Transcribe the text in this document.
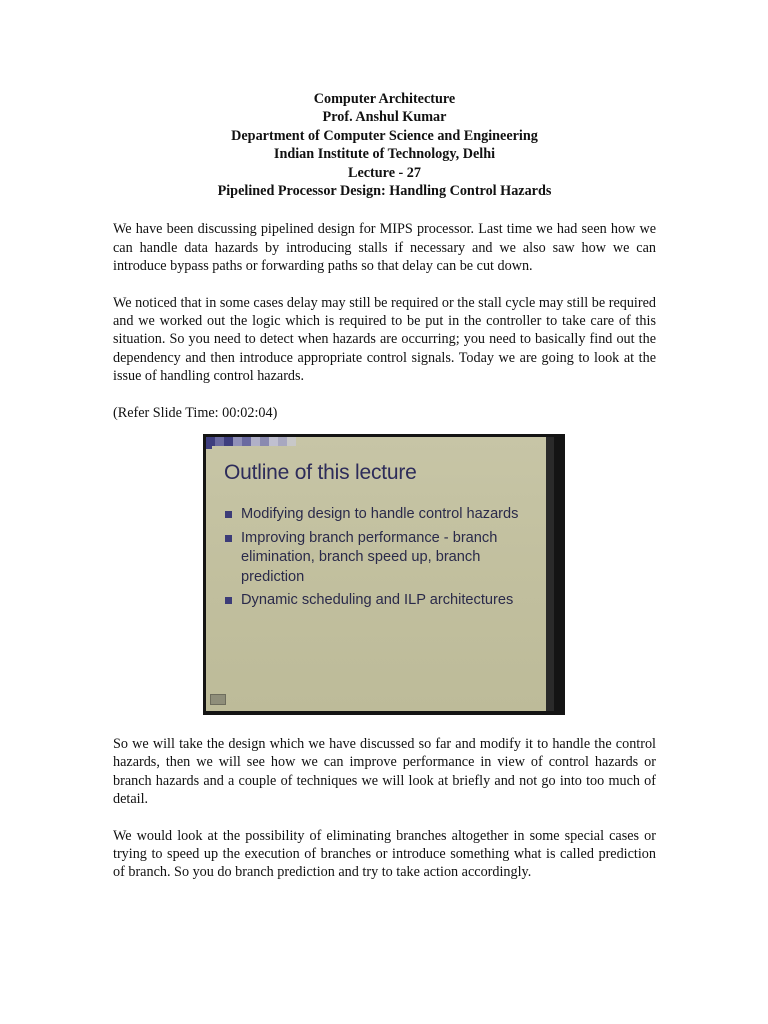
Computer Architecture
Prof. Anshul Kumar
Department of Computer Science and Engineering
Indian Institute of Technology, Delhi
Lecture - 27
Pipelined Processor Design: Handling Control Hazards

We have been discussing pipelined design for MIPS processor. Last time we had seen how we can handle data hazards by introducing stalls if necessary and we also saw how we can introduce bypass paths or forwarding paths so that delay can be cut down.

We noticed that in some cases delay may still be required or the stall cycle may still be required and we worked out the logic which is required to be put in the controller to take care of this situation. So you need to detect when hazards are occurring; you need to basically find out the dependency and then introduce appropriate control signals. Today we are going to look at the issue of handling control hazards.

(Refer Slide Time: 00:02:04)
Outline of this lecture
Modifying design to handle control hazards
Improving branch performance - branch elimination, branch speed up, branch prediction
Dynamic scheduling and ILP architectures

So we will take the design which we have discussed so far and modify it to handle the control hazards, then we will see how we can improve performance in view of control hazards or branch hazards and a couple of techniques we will look at briefly and not go into too much of detail.

We would look at the possibility of eliminating branches altogether in some special cases or trying to speed up the execution of branches or introduce something what is called prediction of branch. So you do branch prediction and try to take action accordingly.
